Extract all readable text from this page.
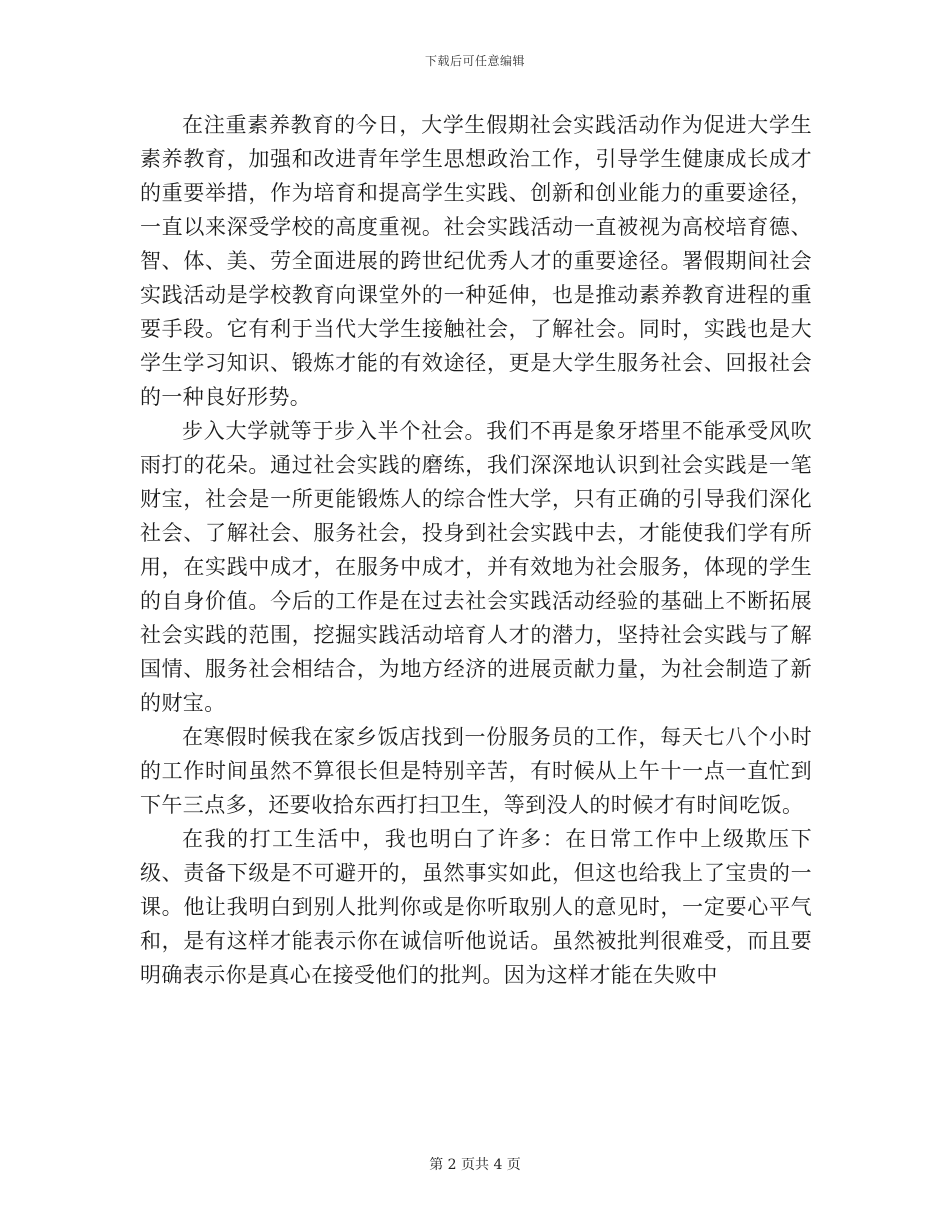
下载后可任意编辑

在注重素养教育的今日，大学生假期社会实践活动作为促进大学生素养教育，加强和改进青年学生思想政治工作，引导学生健康成长成才的重要举措，作为培育和提高学生实践、创新和创业能力的重要途径，一直以来深受学校的高度重视。社会实践活动一直被视为高校培育德、智、体、美、劳全面进展的跨世纪优秀人才的重要途径。署假期间社会实践活动是学校教育向课堂外的一种延伸，也是推动素养教育进程的重要手段。它有利于当代大学生接触社会，了解社会。同时，实践也是大学生学习知识、锻炼才能的有效途径，更是大学生服务社会、回报社会的一种良好形势。

步入大学就等于步入半个社会。我们不再是象牙塔里不能承受风吹雨打的花朵。通过社会实践的磨练，我们深深地认识到社会实践是一笔财宝，社会是一所更能锻炼人的综合性大学，只有正确的引导我们深化社会、了解社会、服务社会，投身到社会实践中去，才能使我们学有所用，在实践中成才，在服务中成才，并有效地为社会服务，体现的学生的自身价值。今后的工作是在过去社会实践活动经验的基础上不断拓展社会实践的范围，挖掘实践活动培育人才的潜力，坚持社会实践与了解国情、服务社会相结合，为地方经济的进展贡献力量，为社会制造了新的财宝。

在寒假时候我在家乡饭店找到一份服务员的工作，每天七八个小时的工作时间虽然不算很长但是特别辛苦，有时候从上午十一点一直忙到下午三点多，还要收拾东西打扫卫生，等到没人的时候才有时间吃饭。

在我的打工生活中，我也明白了许多：在日常工作中上级欺压下级、责备下级是不可避开的，虽然事实如此，但这也给我上了宝贵的一课。他让我明白到别人批判你或是你听取别人的意见时，一定要心平气和，是有这样才能表示你在诚信听他说话。虽然被批判很难受，而且要明确表示你是真心在接受他们的批判。因为这样才能在失败中

第 2 页共 4 页
